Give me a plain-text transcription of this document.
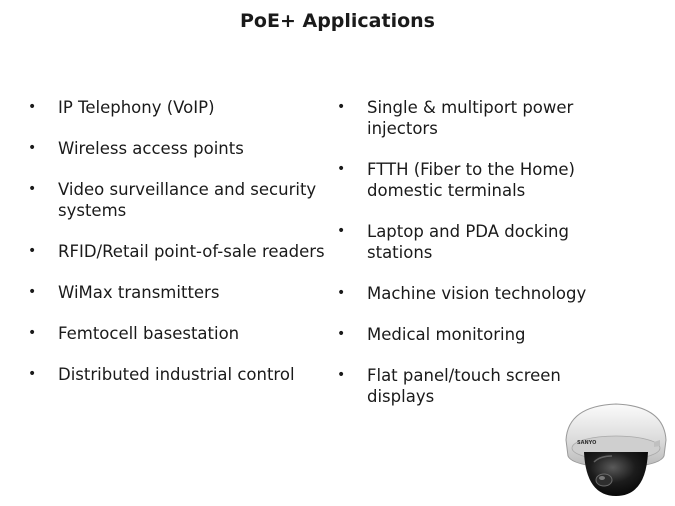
PoE+ Applications
• IP Telephony (VoIP)
• Wireless access points
• Video surveillance and security systems
• RFID/Retail point-of-sale readers
• WiMax transmitters
• Femtocell basestation
• Distributed industrial control
• Single & multiport power injectors
• FTTH (Fiber to the Home) domestic terminals
• Laptop and PDA docking stations
• Machine vision technology
• Medical monitoring
• Flat panel/touch screen displays
SANYO
